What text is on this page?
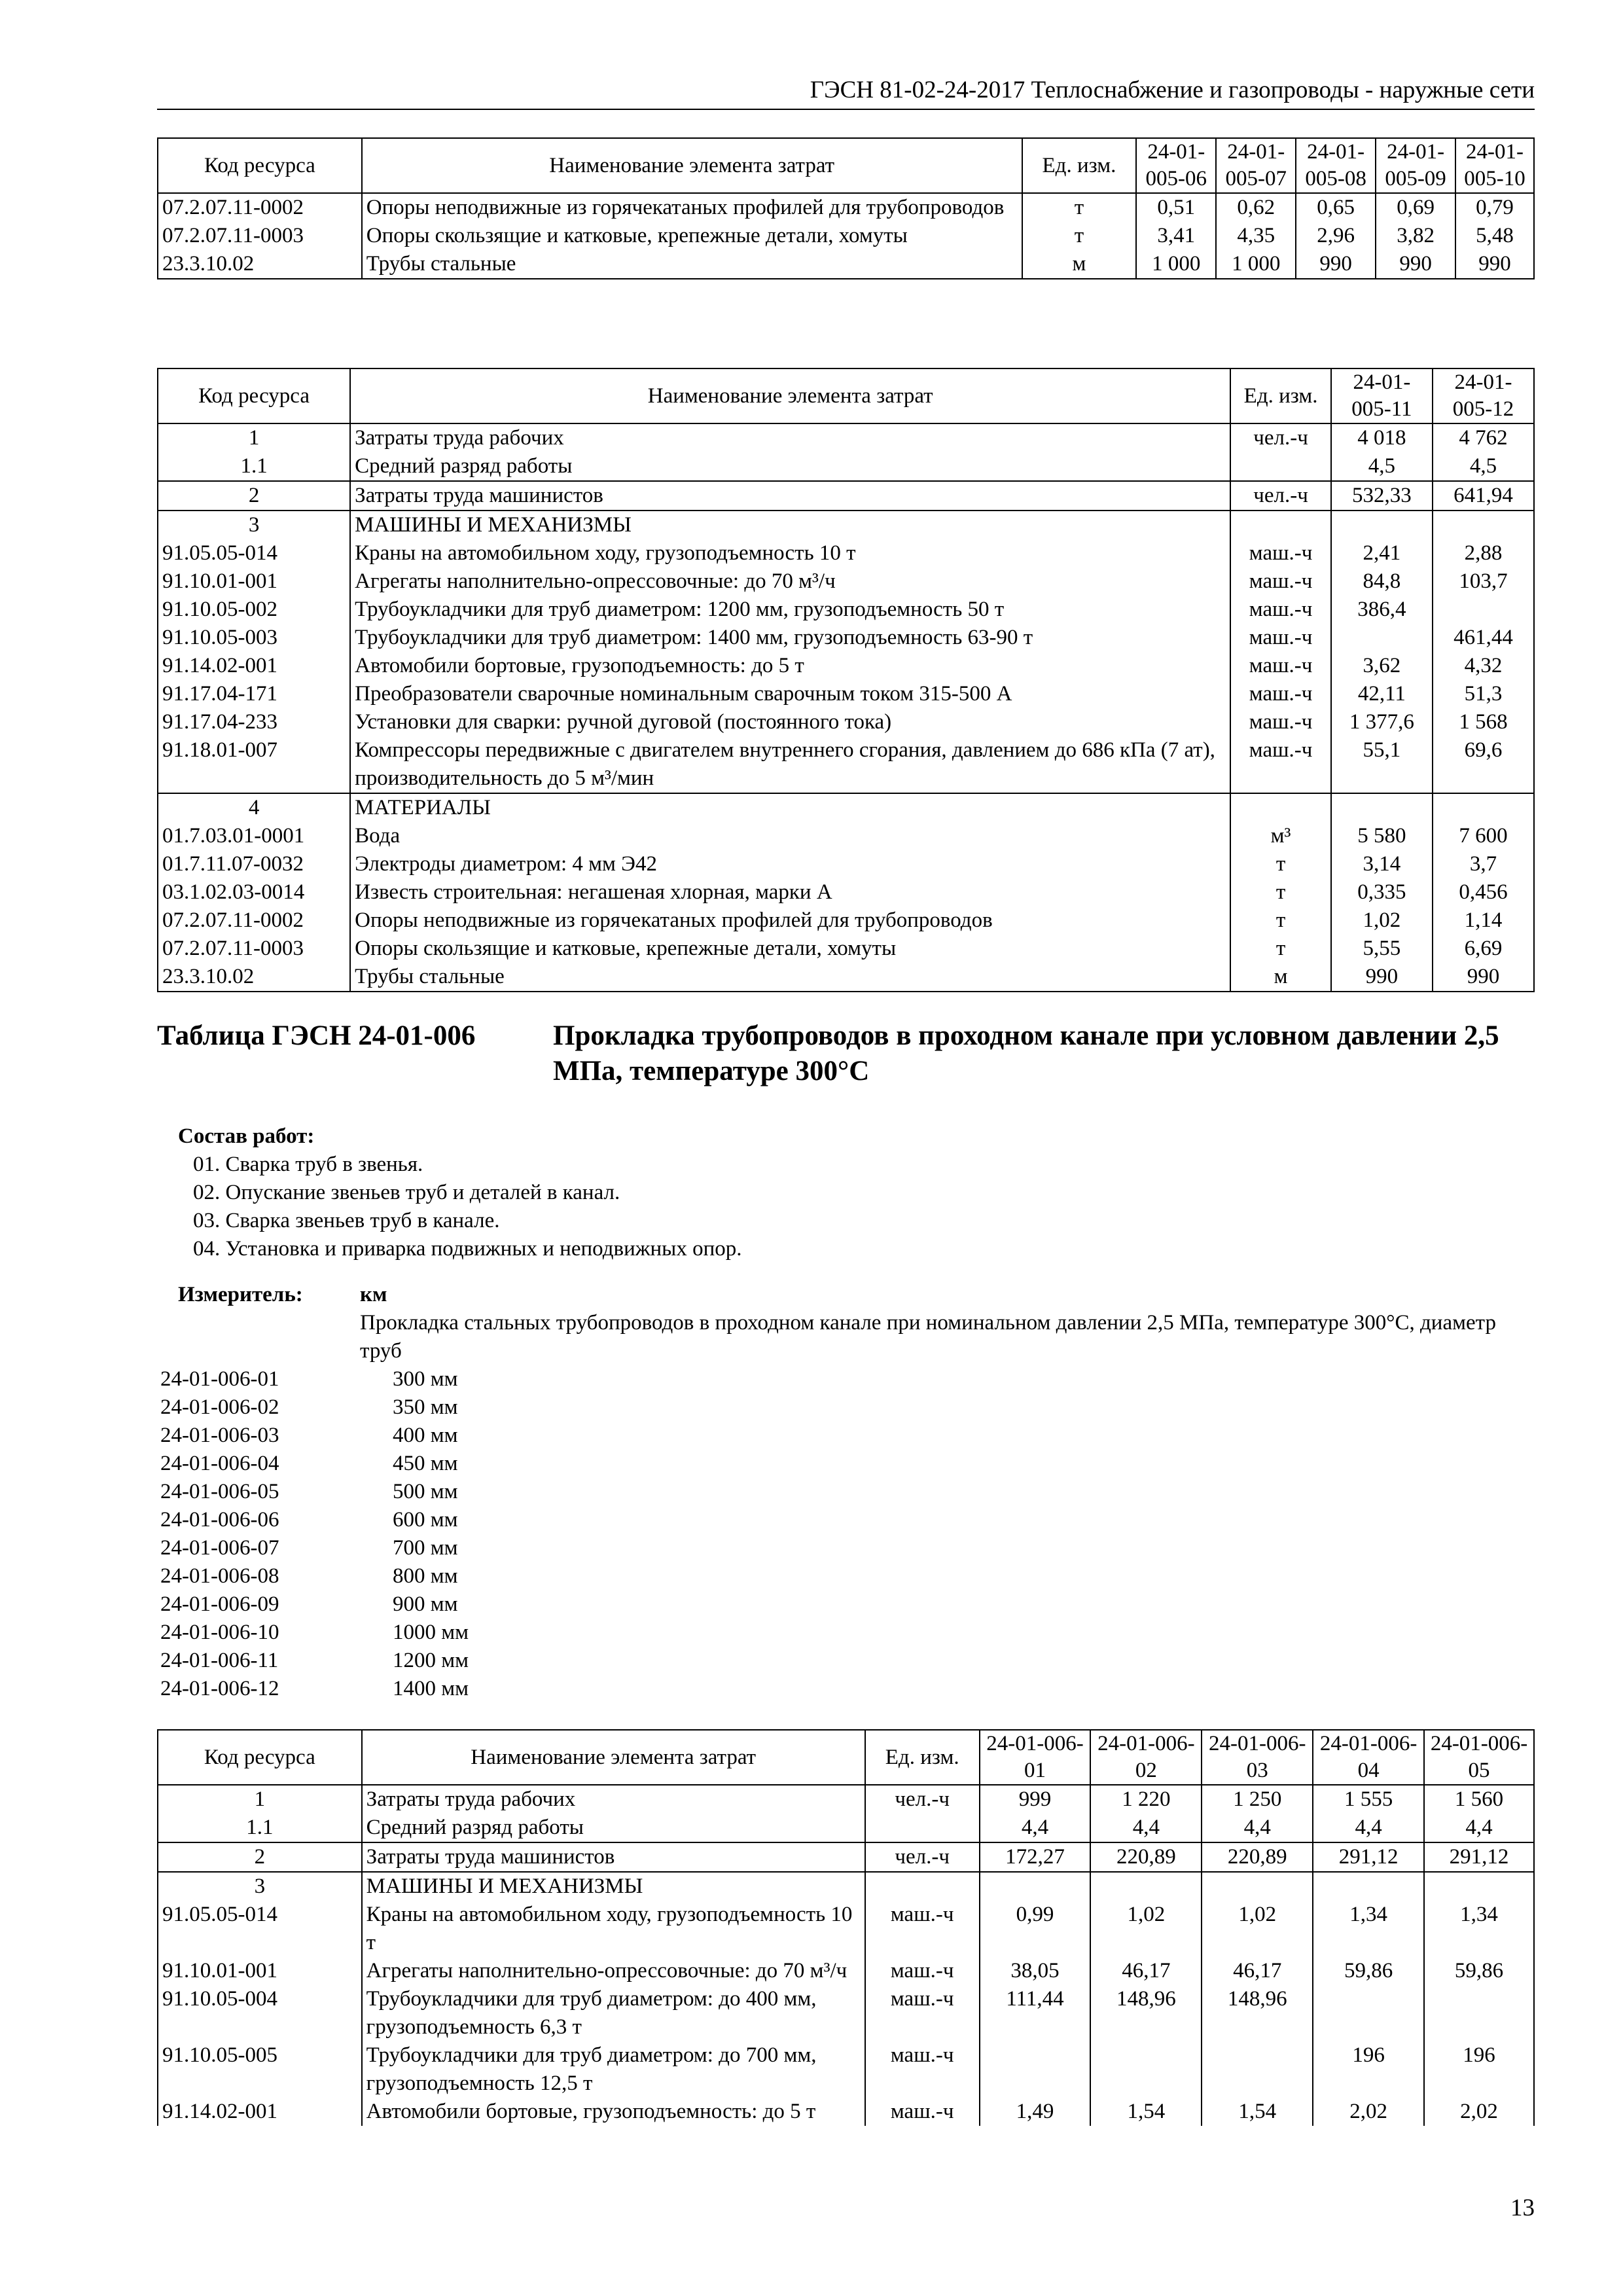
ГЭСН 81-02-24-2017 Теплоснабжение и газопроводы - наружные сети
Код ресурса	Наименование элемента затрат	Ед. изм.	24-01-005-06	24-01-005-07	24-01-005-08	24-01-005-09	24-01-005-10
07.2.07.11-0002	Опоры неподвижные из горячекатаных профилей для трубопроводов	т	0,51	0,62	0,65	0,69	0,79
07.2.07.11-0003	Опоры скользящие и катковые, крепежные детали, хомуты	т	3,41	4,35	2,96	3,82	5,48
23.3.10.02	Трубы стальные	м	1 000	1 000	990	990	990
Код ресурса	Наименование элемента затрат	Ед. изм.	24-01-005-11	24-01-005-12
1	Затраты труда рабочих	чел.-ч	4 018	4 762
1.1	Средний разряд работы		4,5	4,5
2	Затраты труда машинистов	чел.-ч	532,33	641,94
3	МАШИНЫ И МЕХАНИЗМЫ			
91.05.05-014	Краны на автомобильном ходу, грузоподъемность 10 т	маш.-ч	2,41	2,88
91.10.01-001	Агрегаты наполнительно-опрессовочные: до 70 м³/ч	маш.-ч	84,8	103,7
91.10.05-002	Трубоукладчики для труб диаметром: 1200 мм, грузоподъемность 50 т	маш.-ч	386,4	
91.10.05-003	Трубоукладчики для труб диаметром: 1400 мм, грузоподъемность 63-90 т	маш.-ч		461,44
91.14.02-001	Автомобили бортовые, грузоподъемность: до 5 т	маш.-ч	3,62	4,32
91.17.04-171	Преобразователи сварочные номинальным сварочным током 315-500 А	маш.-ч	42,11	51,3
91.17.04-233	Установки для сварки: ручной дуговой (постоянного тока)	маш.-ч	1 377,6	1 568
91.18.01-007	Компрессоры передвижные с двигателем внутреннего сгорания, давлением до 686 кПа (7 ат), производительность до 5 м³/мин	маш.-ч	55,1	69,6
4	МАТЕРИАЛЫ			
01.7.03.01-0001	Вода	м³	5 580	7 600
01.7.11.07-0032	Электроды диаметром: 4 мм Э42	т	3,14	3,7
03.1.02.03-0014	Известь строительная: негашеная хлорная, марки А	т	0,335	0,456
07.2.07.11-0002	Опоры неподвижные из горячекатаных профилей для трубопроводов	т	1,02	1,14
07.2.07.11-0003	Опоры скользящие и катковые, крепежные детали, хомуты	т	5,55	6,69
23.3.10.02	Трубы стальные	м	990	990
Таблица ГЭСН 24-01-006	Прокладка трубопроводов в проходном канале при условном давлении 2,5 МПа, температуре 300°С
Состав работ:
01. Сварка труб в звенья.
02. Опускание звеньев труб и деталей в канал.
03. Сварка звеньев труб в канале.
04. Установка и приварка подвижных и неподвижных опор.
Измеритель:	км
Прокладка стальных трубопроводов в проходном канале при номинальном давлении 2,5 МПа, температуре 300°С, диаметр труб
24-01-006-01	300 мм
24-01-006-02	350 мм
24-01-006-03	400 мм
24-01-006-04	450 мм
24-01-006-05	500 мм
24-01-006-06	600 мм
24-01-006-07	700 мм
24-01-006-08	800 мм
24-01-006-09	900 мм
24-01-006-10	1000 мм
24-01-006-11	1200 мм
24-01-006-12	1400 мм
Код ресурса	Наименование элемента затрат	Ед. изм.	24-01-006-01	24-01-006-02	24-01-006-03	24-01-006-04	24-01-006-05
1	Затраты труда рабочих	чел.-ч	999	1 220	1 250	1 555	1 560
1.1	Средний разряд работы		4,4	4,4	4,4	4,4	4,4
2	Затраты труда машинистов	чел.-ч	172,27	220,89	220,89	291,12	291,12
3	МАШИНЫ И МЕХАНИЗМЫ						
91.05.05-014	Краны на автомобильном ходу, грузоподъемность 10 т	маш.-ч	0,99	1,02	1,02	1,34	1,34
91.10.01-001	Агрегаты наполнительно-опрессовочные: до 70 м³/ч	маш.-ч	38,05	46,17	46,17	59,86	59,86
91.10.05-004	Трубоукладчики для труб диаметром: до 400 мм, грузоподъемность 6,3 т	маш.-ч	111,44	148,96	148,96		
91.10.05-005	Трубоукладчики для труб диаметром: до 700 мм, грузоподъемность 12,5 т	маш.-ч				196	196
91.14.02-001	Автомобили бортовые, грузоподъемность: до 5 т	маш.-ч	1,49	1,54	1,54	2,02	2,02
13
